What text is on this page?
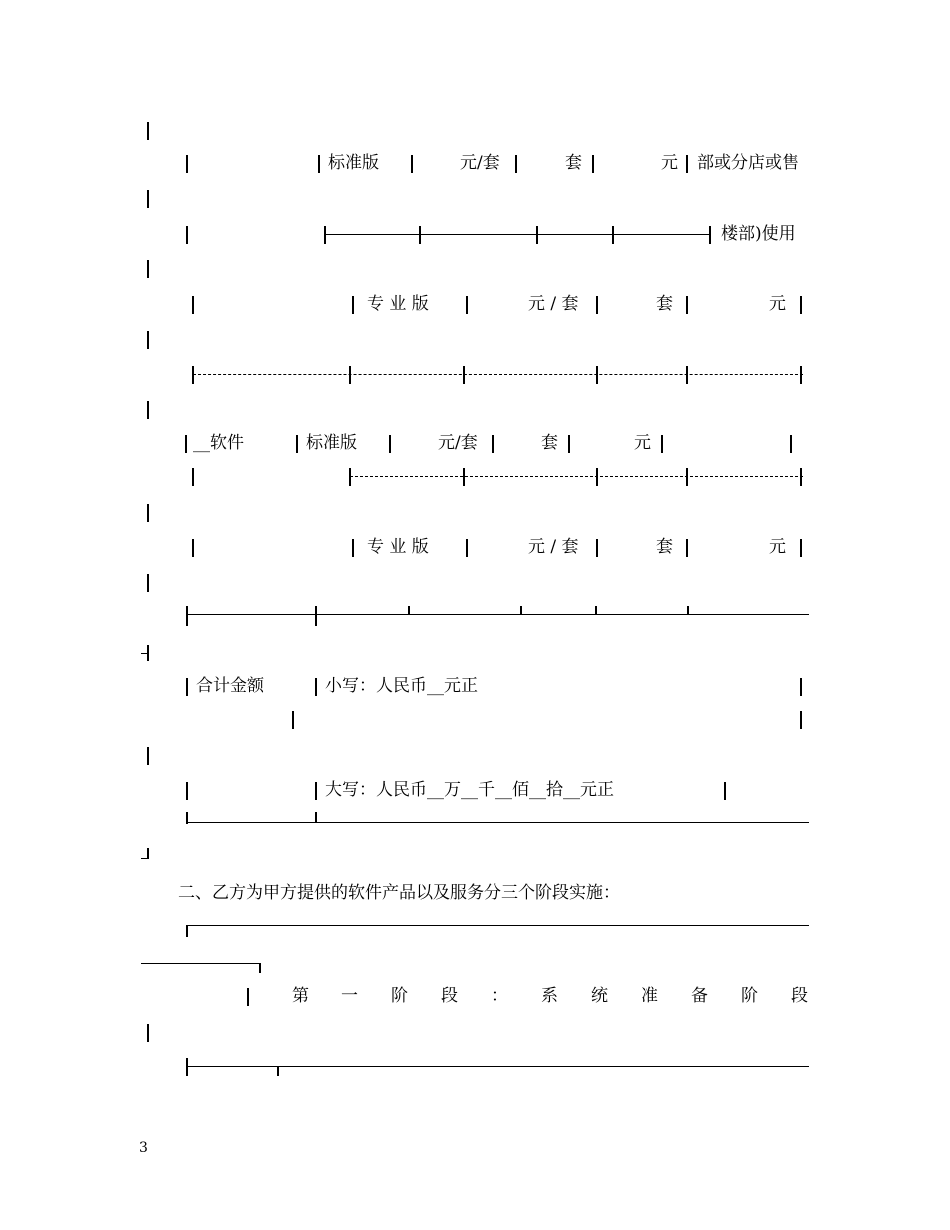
标准版	元/套	套	元 部或分店或售
楼部)使用
专 业 版	元 / 套	套	元
__软件	标准版	元/套	套	元
专 业 版	元 / 套	套	元
合计金额	小写：人民币__元正
大写：人民币__万__千__佰__拾__元正
二、乙方为甲方提供的软件产品以及服务分三个阶段实施：
第 一 阶 段 ： 系 统 准 备 阶 段
3
